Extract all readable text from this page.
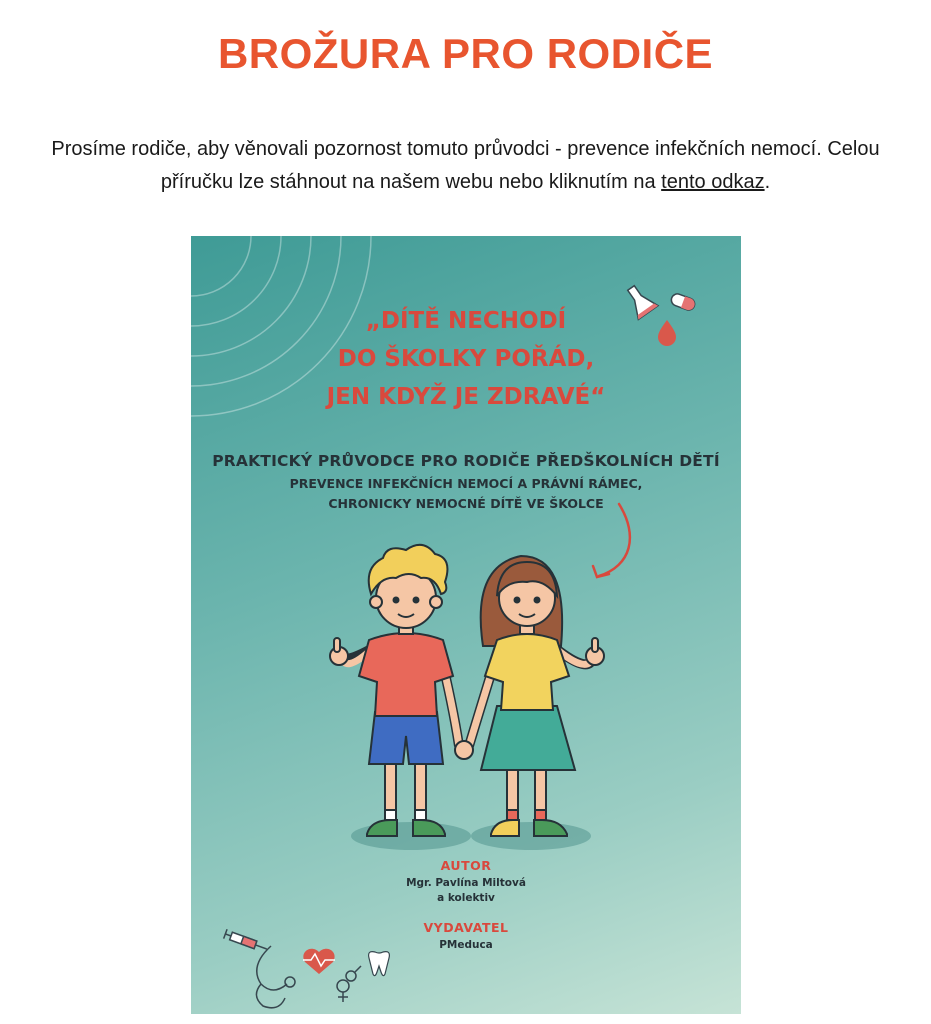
BROŽURA PRO RODIČE

Prosíme rodiče, aby věnovali pozornost tomuto průvodci - prevence infekčních nemocí. Celou příručku lze stáhnout na našem webu nebo kliknutím na tento odkaz.

„DÍTĚ NECHODÍ
DO ŠKOLKY POŘÁD,
JEN KDYŽ JE ZDRAVÉ“
PRAKTICKÝ PRŮVODCE PRO RODIČE PŘEDŠKOLNÍCH DĚTÍ
PREVENCE INFEKČNÍCH NEMOCÍ A PRÁVNÍ RÁMEC,
CHRONICKY NEMOCNÉ DÍTĚ VE ŠKOLCE
AUTOR
Mgr. Pavlína Miltová
a kolektiv
VYDAVATEL
PMeduca
